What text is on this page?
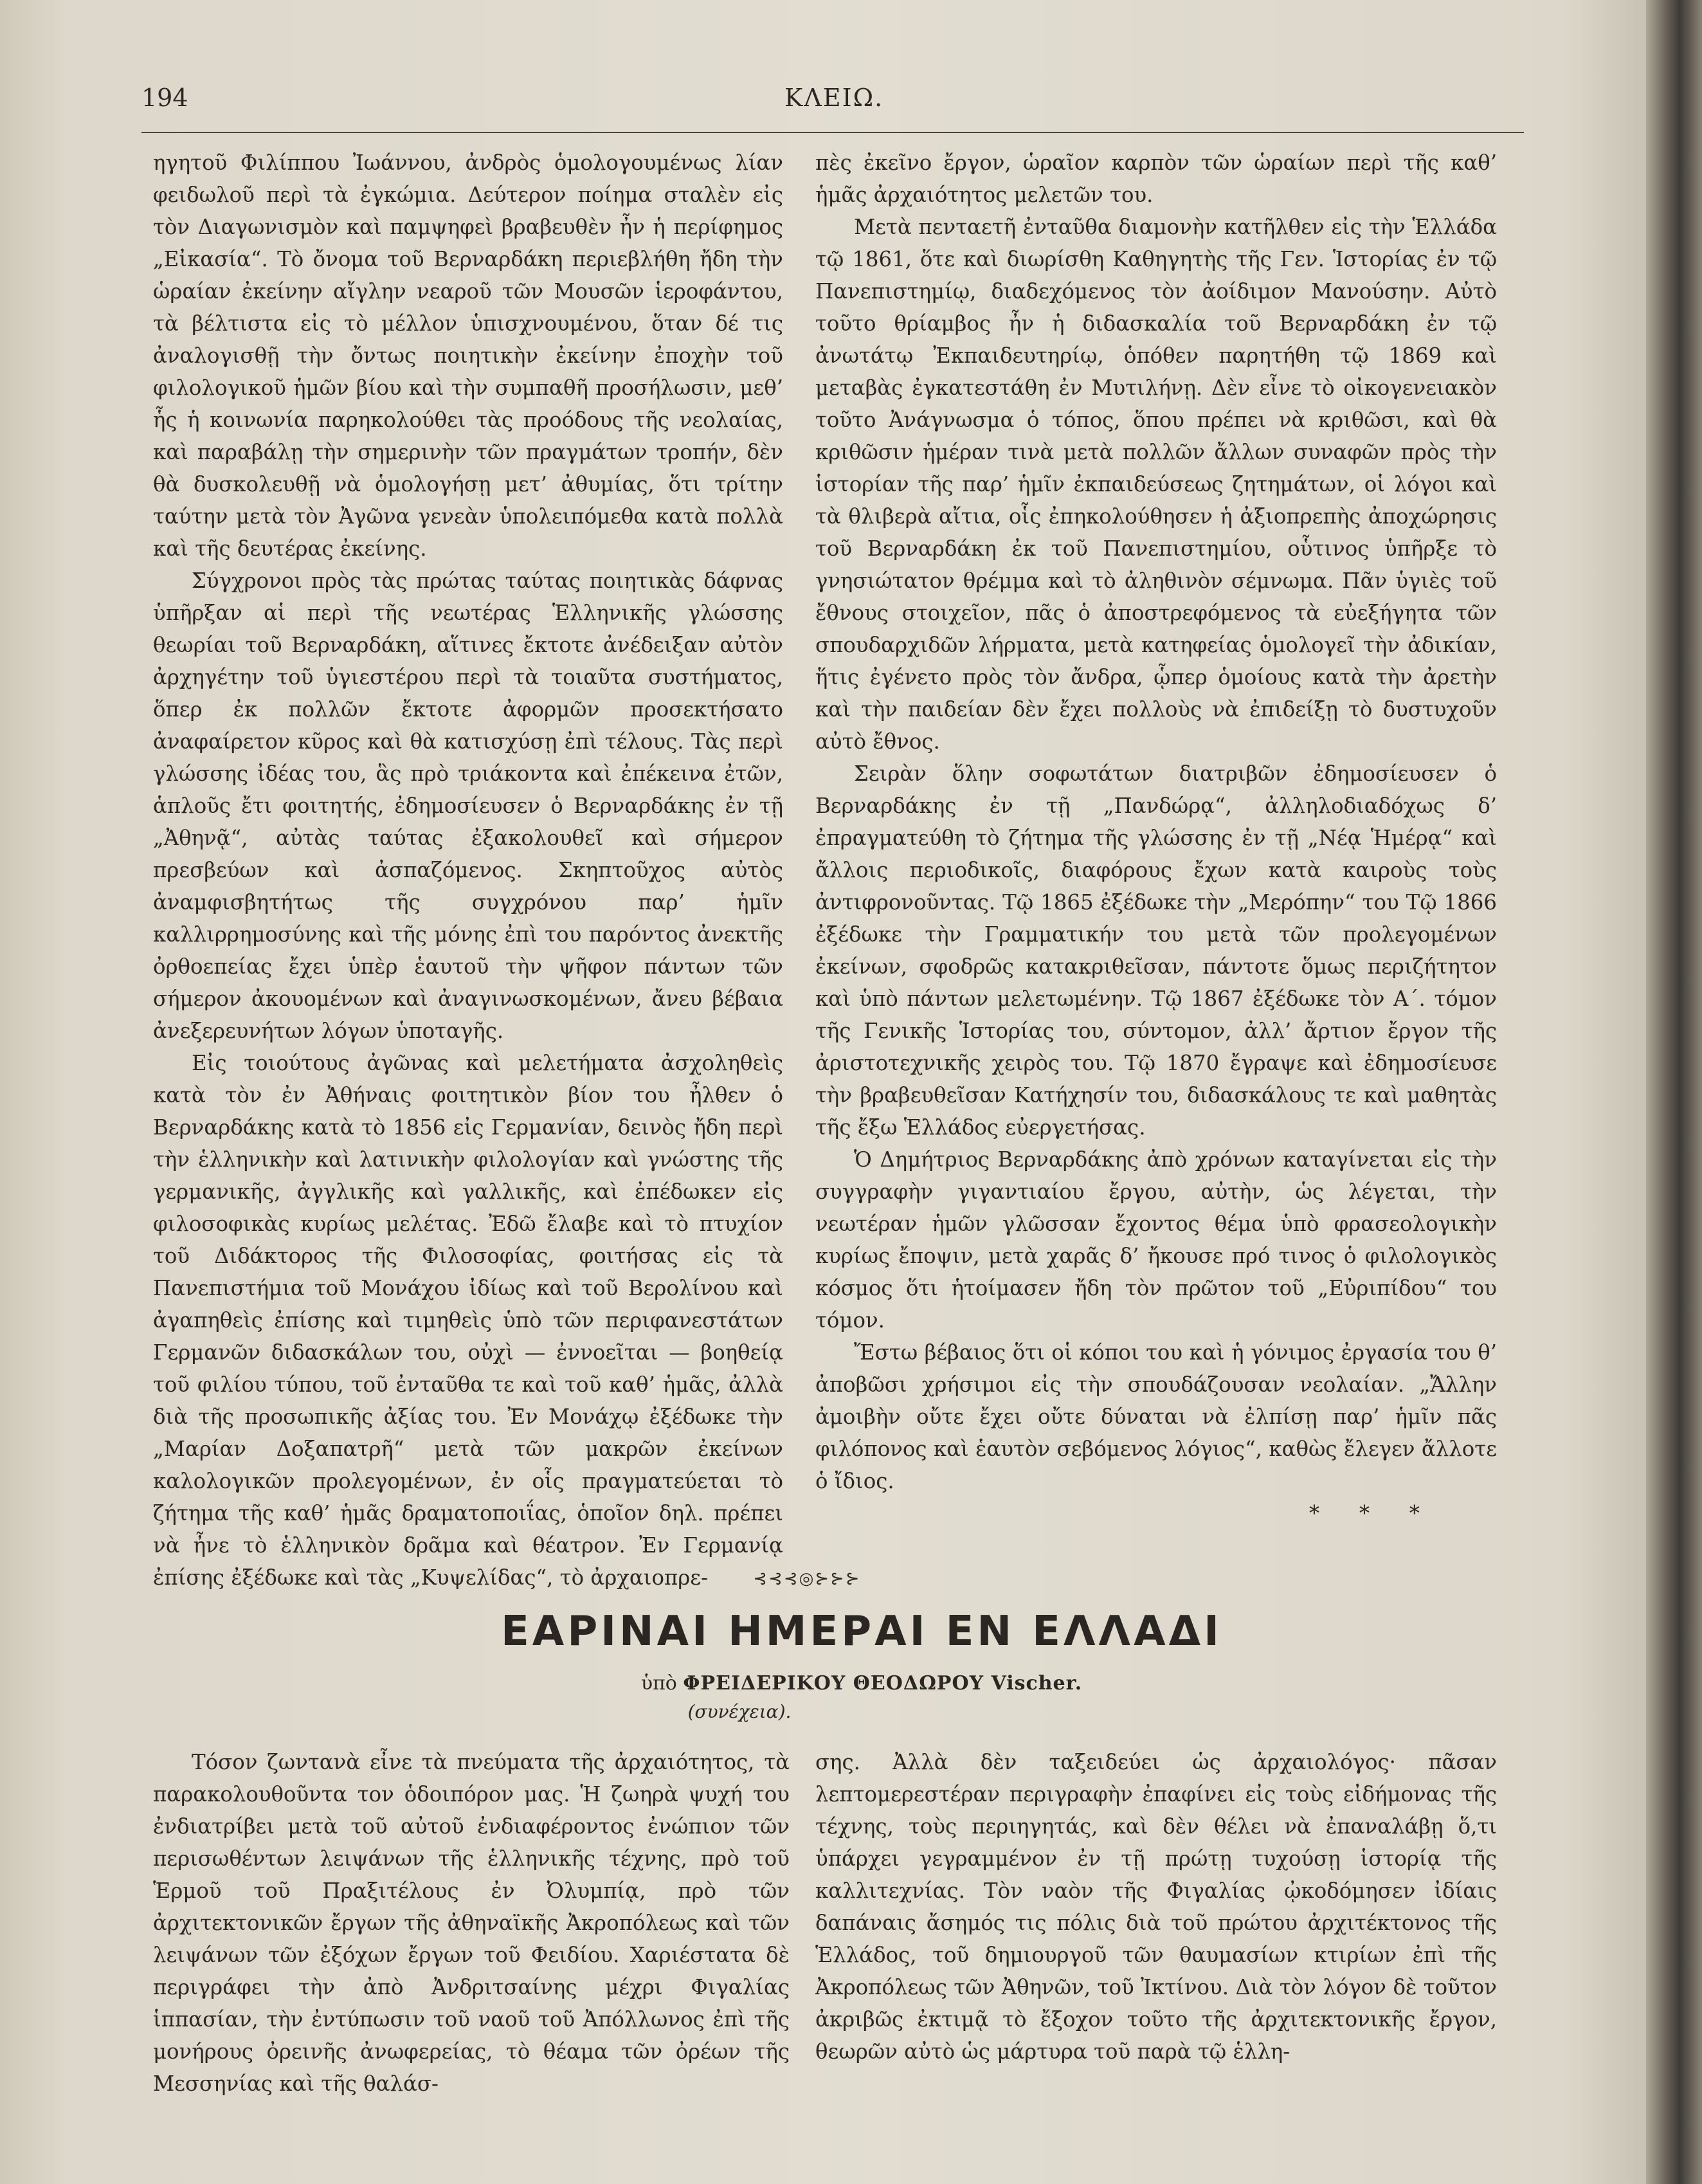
194	ΚΛΕΙΩ.

ηγητοῦ Φιλίππου Ἰωάννου, ἀνδρὸς ὁμολογουμένως λίαν φειδωλοῦ περὶ τὰ ἐγκώμια. Δεύτερον ποίημα σταλὲν εἰς τὸν Διαγωνισμὸν καὶ παμψηφεὶ βραβευθὲν ἦν ἡ περίφημος „Εἰκασία“. Τὸ ὄνομα τοῦ Βερναρδάκη περιεβλήθη ἤδη τὴν ὡραίαν ἐκείνην αἴγλην νεαροῦ τῶν Μουσῶν ἱεροφάντου, τὰ βέλτιστα εἰς τὸ μέλλον ὑπισχνουμένου, ὅταν δέ τις ἀναλογισθῇ τὴν ὄντως ποιητικὴν ἐκείνην ἐποχὴν τοῦ φιλολογικοῦ ἡμῶν βίου καὶ τὴν συμπαθῆ προσήλωσιν, μεθ’ ἧς ἡ κοινωνία παρηκολούθει τὰς προόδους τῆς νεολαίας, καὶ παραβάλῃ τὴν σημερινὴν τῶν πραγμάτων τροπήν, δὲν θὰ δυσκολευθῇ νὰ ὁμολογήσῃ μετ’ ἀθυμίας, ὅτι τρίτην ταύτην μετὰ τὸν Ἀγῶνα γενεὰν ὑπολειπόμεθα κατὰ πολλὰ καὶ τῆς δευτέρας ἐκείνης.

Σύγχρονοι πρὸς τὰς πρώτας ταύτας ποιητικὰς δάφνας ὑπῆρξαν αἱ περὶ τῆς νεωτέρας Ἑλληνικῆς γλώσσης θεωρίαι τοῦ Βερναρδάκη, αἵτινες ἔκτοτε ἀνέδειξαν αὐτὸν ἀρχηγέτην τοῦ ὑγιεστέρου περὶ τὰ τοιαῦτα συστήματος, ὅπερ ἐκ πολλῶν ἔκτοτε ἀφορμῶν προσεκτήσατο ἀναφαίρετον κῦρος καὶ θὰ κατισχύσῃ ἐπὶ τέλους. Τὰς περὶ γλώσσης ἰδέας του, ἃς πρὸ τριάκοντα καὶ ἐπέκεινα ἐτῶν, ἁπλοῦς ἔτι φοιτητής, ἐδημοσίευσεν ὁ Βερναρδάκης ἐν τῇ „Ἀθηνᾷ“, αὐτὰς ταύτας ἐξακολουθεῖ καὶ σήμερον πρεσβεύων καὶ ἀσπαζόμενος. Σκηπτοῦχος αὐτὸς ἀναμφισβητήτως τῆς συγχρόνου παρ’ ἡμῖν καλλιρρημοσύνης καὶ τῆς μόνης ἐπὶ του παρόντος ἀνεκτῆς ὀρθοεπείας ἔχει ὑπὲρ ἑαυτοῦ τὴν ψῆφον πάντων τῶν σήμερον ἀκουομένων καὶ ἀναγινωσκομένων, ἄνευ βέβαια ἀνεξερευνήτων λόγων ὑποταγῆς.

Εἰς τοιούτους ἀγῶνας καὶ μελετήματα ἀσχοληθεὶς κατὰ τὸν ἐν Ἀθήναις φοιτητικὸν βίον του ἦλθεν ὁ Βερναρδάκης κατὰ τὸ 1856 εἰς Γερμανίαν, δεινὸς ἤδη περὶ τὴν ἑλληνικὴν καὶ λατινικὴν φιλολογίαν καὶ γνώστης τῆς γερμανικῆς, ἀγγλικῆς καὶ γαλλικῆς, καὶ ἐπέδωκεν εἰς φιλοσοφικὰς κυρίως μελέτας. Ἐδῶ ἔλαβε καὶ τὸ πτυχίον τοῦ Διδάκτορος τῆς Φιλοσοφίας, φοιτήσας εἰς τὰ Πανεπιστήμια τοῦ Μονάχου ἰδίως καὶ τοῦ Βερολίνου καὶ ἀγαπηθεὶς ἐπίσης καὶ τιμηθεὶς ὑπὸ τῶν περιφανεστάτων Γερμανῶν διδασκάλων του, οὐχὶ — ἐννοεῖται — βοηθείᾳ τοῦ φιλίου τύπου, τοῦ ἐνταῦθα τε καὶ τοῦ καθ’ ἡμᾶς, ἀλλὰ διὰ τῆς προσωπικῆς ἀξίας του. Ἐν Μονάχῳ ἐξέδωκε τὴν „Μαρίαν Δοξαπατρῆ“ μετὰ τῶν μακρῶν ἐκείνων καλολογικῶν προλεγομένων, ἐν οἷς πραγματεύεται τὸ ζήτημα τῆς καθ’ ἡμᾶς δραματοποιΐας, ὁποῖον δηλ. πρέπει νὰ ἦνε τὸ ἑλληνικὸν δρᾶμα καὶ θέατρον. Ἐν Γερμανίᾳ ἐπίσης ἐξέδωκε καὶ τὰς „Κυψελίδας“, τὸ ἀρχαιοπρε-

πὲς ἐκεῖνο ἔργον, ὡραῖον καρπὸν τῶν ὡραίων περὶ τῆς καθ’ ἡμᾶς ἀρχαιότητος μελετῶν του.

Μετὰ πενταετῆ ἐνταῦθα διαμονὴν κατῆλθεν εἰς τὴν Ἑλλάδα τῷ 1861, ὅτε καὶ διωρίσθη Καθηγητὴς τῆς Γεν. Ἱστορίας ἐν τῷ Πανεπιστημίῳ, διαδεχόμενος τὸν ἀοίδιμον Μανούσην. Αὐτὸ τοῦτο θρίαμβος ἦν ἡ διδασκαλία τοῦ Βερναρδάκη ἐν τῷ ἀνωτάτῳ Ἐκπαιδευτηρίῳ, ὁπόθεν παρητήθη τῷ 1869 καὶ μεταβὰς ἐγκατεστάθη ἐν Μυτιλήνῃ. Δὲν εἶνε τὸ οἰκογενειακὸν τοῦτο Ἀνάγνωσμα ὁ τόπος, ὅπου πρέπει νὰ κριθῶσι, καὶ θὰ κριθῶσιν ἡμέραν τινὰ μετὰ πολλῶν ἄλλων συναφῶν πρὸς τὴν ἱστορίαν τῆς παρ’ ἡμῖν ἐκπαιδεύσεως ζητημάτων, οἱ λόγοι καὶ τὰ θλιβερὰ αἴτια, οἷς ἐπηκολούθησεν ἡ ἀξιοπρεπὴς ἀποχώρησις τοῦ Βερναρδάκη ἐκ τοῦ Πανεπιστημίου, οὗτινος ὑπῆρξε τὸ γνησιώτατον θρέμμα καὶ τὸ ἀληθινὸν σέμνωμα. Πᾶν ὑγιὲς τοῦ ἔθνους στοιχεῖον, πᾶς ὁ ἀποστρεφόμενος τὰ εὐεξήγητα τῶν σπουδαρχιδῶν λήρματα, μετὰ κατηφείας ὁμολογεῖ τὴν ἀδικίαν, ἥτις ἐγένετο πρὸς τὸν ἄνδρα, ᾧπερ ὁμοίους κατὰ τὴν ἀρετὴν καὶ τὴν παιδείαν δὲν ἔχει πολλοὺς νὰ ἐπιδείξῃ τὸ δυστυχοῦν αὐτὸ ἔθνος.

Σειρὰν ὅλην σοφωτάτων διατριβῶν ἐδημοσίευσεν ὁ Βερναρδάκης ἐν τῇ „Πανδώρᾳ“, ἀλληλοδιαδόχως δ’ ἐπραγματεύθη τὸ ζήτημα τῆς γλώσσης ἐν τῇ „Νέᾳ Ἡμέρᾳ“ καὶ ἄλλοις περιοδικοῖς, διαφόρους ἔχων κατὰ καιροὺς τοὺς ἀντιφρονοῦντας. Τῷ 1865 ἐξέδωκε τὴν „Μερόπην“ του Τῷ 1866 ἐξέδωκε τὴν Γραμματικήν του μετὰ τῶν προλεγομένων ἐκείνων, σφοδρῶς κατακριθεῖσαν, πάντοτε ὅμως περιζήτητον καὶ ὑπὸ πάντων μελετωμένην. Τῷ 1867 ἐξέδωκε τὸν Α΄. τόμον τῆς Γενικῆς Ἱστορίας του, σύντομον, ἀλλ’ ἄρτιον ἔργον τῆς ἀριστοτεχνικῆς χειρὸς του. Τῷ 1870 ἔγραψε καὶ ἐδημοσίευσε τὴν βραβευθεῖσαν Κατήχησίν του, διδασκάλους τε καὶ μαθητὰς τῆς ἔξω Ἑλλάδος εὐεργετήσας.

Ὁ Δημήτριος Βερναρδάκης ἀπὸ χρόνων καταγίνεται εἰς τὴν συγγραφὴν γιγαντιαίου ἔργου, αὐτὴν, ὡς λέγεται, τὴν νεωτέραν ἡμῶν γλῶσσαν ἔχοντος θέμα ὑπὸ φρασεολογικὴν κυρίως ἔποψιν, μετὰ χαρᾶς δ’ ἤκουσε πρό τινος ὁ φιλολογικὸς κόσμος ὅτι ἡτοίμασεν ἤδη τὸν πρῶτον τοῦ „Εὐριπίδου“ του τόμον.

Ἔστω βέβαιος ὅτι οἱ κόποι του καὶ ἡ γόνιμος ἐργασία του θ’ ἀποβῶσι χρήσιμοι εἰς τὴν σπουδάζουσαν νεολαίαν. „Ἄλλην ἀμοιβὴν οὔτε ἔχει οὔτε δύναται νὰ ἐλπίσῃ παρ’ ἡμῖν πᾶς φιλόπονος καὶ ἑαυτὸν σεβόμενος λόγιος“, καθὼς ἔλεγεν ἄλλοτε ὁ ἴδιος.

*      *      *

⊰⊰⊰◎⊱⊱⊱
ΕΑΡΙΝΑΙ ΗΜΕΡΑΙ ΕΝ ΕΛΛΑΔΙ
ὑπὸ ΦΡΕΙΔΕΡΙΚΟΥ ΘΕΟΔΩΡΟΥ Vischer.
(συνέχεια).

Τόσον ζωντανὰ εἶνε τὰ πνεύματα τῆς ἀρχαιότητος, τὰ παρακολουθοῦντα τον ὁδοιπόρον μας. Ἡ ζωηρὰ ψυχή του ἐνδιατρίβει μετὰ τοῦ αὐτοῦ ἐνδιαφέροντος ἐνώπιον τῶν περισωθέντων λειψάνων τῆς ἑλληνικῆς τέχνης, πρὸ τοῦ Ἑρμοῦ τοῦ Πραξιτέλους ἐν Ὀλυμπίᾳ, πρὸ τῶν ἀρχιτεκτονικῶν ἔργων τῆς ἀθηναϊκῆς Ἀκροπόλεως καὶ τῶν λειψάνων τῶν ἐξόχων ἔργων τοῦ Φειδίου. Χαριέστατα δὲ περιγράφει τὴν ἀπὸ Ἀνδριτσαίνης μέχρι Φιγαλίας ἱππασίαν, τὴν ἐντύπωσιν τοῦ ναοῦ τοῦ Ἀπόλλωνος ἐπὶ τῆς μονήρους ὀρεινῆς ἀνωφερείας, τὸ θέαμα τῶν ὀρέων τῆς Μεσσηνίας καὶ τῆς θαλάσ-

σης. Ἀλλὰ δὲν ταξειδεύει ὡς ἀρχαιολόγος· πᾶσαν λεπτομερεστέραν περιγραφὴν ἐπαφίνει εἰς τοὺς εἰδήμονας τῆς τέχνης, τοὺς περιηγητάς, καὶ δὲν θέλει νὰ ἐπαναλάβῃ ὅ,τι ὑπάρχει γεγραμμένον ἐν τῇ πρώτῃ τυχούσῃ ἱστορίᾳ τῆς καλλιτεχνίας. Τὸν ναὸν τῆς Φιγαλίας ᾠκοδόμησεν ἰδίαις δαπάναις ἄσημός τις πόλις διὰ τοῦ πρώτου ἀρχιτέκτονος τῆς Ἑλλάδος, τοῦ δημιουργοῦ τῶν θαυμασίων κτιρίων ἐπὶ τῆς Ἀκροπόλεως τῶν Ἀθηνῶν, τοῦ Ἰκτίνου. Διὰ τὸν λόγον δὲ τοῦτον ἀκριβῶς ἐκτιμᾷ τὸ ἔξοχον τοῦτο τῆς ἀρχιτεκτονικῆς ἔργον, θεωρῶν αὐτὸ ὡς μάρτυρα τοῦ παρὰ τῷ ἑλλη-
